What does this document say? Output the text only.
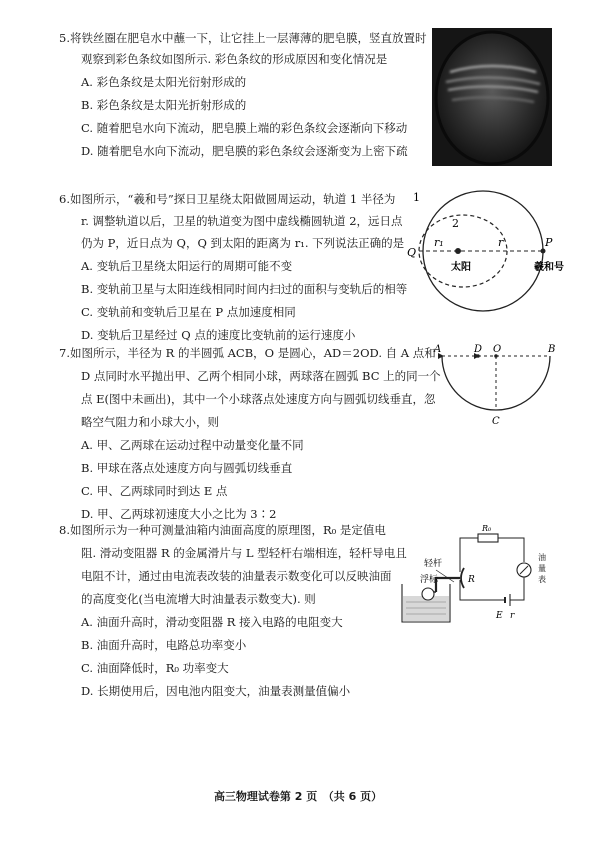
5.将铁丝圈在肥皂水中蘸一下，让它挂上一层薄薄的肥皂膜，竖直放置时
观察到彩色条纹如图所示. 彩色条纹的形成原因和变化情况是
A. 彩色条纹是太阳光衍射形成的
B. 彩色条纹是太阳光折射形成的
C. 随着肥皂水向下流动，肥皂膜上端的彩色条纹会逐渐向下移动
D. 随着肥皂水向下流动，肥皂膜的彩色条纹会逐渐变为上密下疏
6.如图所示，“羲和号”探日卫星绕太阳做圆周运动，轨道 1 半径为
r. 调整轨道以后，卫星的轨道变为图中虚线椭圆轨道 2，远日点
仍为 P，近日点为 Q，Q 到太阳的距离为 r₁. 下列说法正确的是
A. 变轨后卫星绕太阳运行的周期可能不变
B. 变轨前卫星与太阳连线相同时间内扫过的面积与变轨后的相等
C. 变轨前和变轨后卫星在 P 点加速度相同
D. 变轨后卫星经过 Q 点的速度比变轨前的运行速度小
1
2
Q
P
r₁	r
太阳	羲和号
7.如图所示，半径为 R 的半圆弧 ACB，O 是圆心，AD＝2OD. 自 A 点和
D 点同时水平抛出甲、乙两个相同小球，两球落在圆弧 BC 上的同一个
点 E(图中未画出)，其中一个小球落点处速度方向与圆弧切线垂直，忽
略空气阻力和小球大小，则
A. 甲、乙两球在运动过程中动量变化量不同
B. 甲球在落点处速度方向与圆弧切线垂直
C. 甲、乙两球同时到达 E 点
D. 甲、乙两球初速度大小之比为 3∶2
A	D O	B
C
8.如图所示为一种可测量油箱内油面高度的原理图，R₀ 是定值电
阻. 滑动变阻器 R 的金属滑片与 L 型轻杆右端相连，轻杆导电且
电阻不计，通过由电流表改装的油量表示数变化可以反映油面
的高度变化(当电流增大时油量表示数变大). 则
A. 油面升高时，滑动变阻器 R 接入电路的电阻变大
B. 油面升高时，电路总功率变小
C. 油面降低时，R₀ 功率变大
D. 长期使用后，因电池内阻变大，油量表测量值偏小
R₀
油
量
表
E r
R
轻杆
浮标
高三物理试卷第 2 页　（共 6 页）
